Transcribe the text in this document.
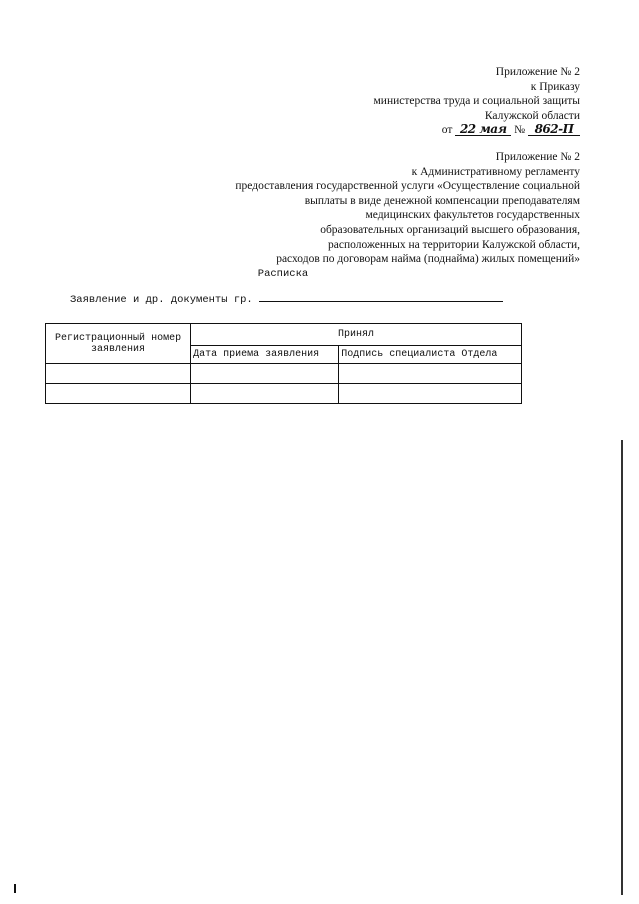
Приложение № 2
к Приказу
министерства труда и социальной защиты
Калужской области
от 22 мая № 862-П
Приложение № 2
к Административному регламенту
предоставления государственной услуги «Осуществление социальной
выплаты в виде денежной компенсации преподавателям
медицинских факультетов государственных
образовательных организаций высшего образования,
расположенных на территории Калужской области,
расходов по договорам найма (поднайма) жилых помещений»
Расписка
Заявление и др. документы гр.
Регистрационный номер заявления	Принял	
	Дата приема заявления	Подпись специалиста Отдела
